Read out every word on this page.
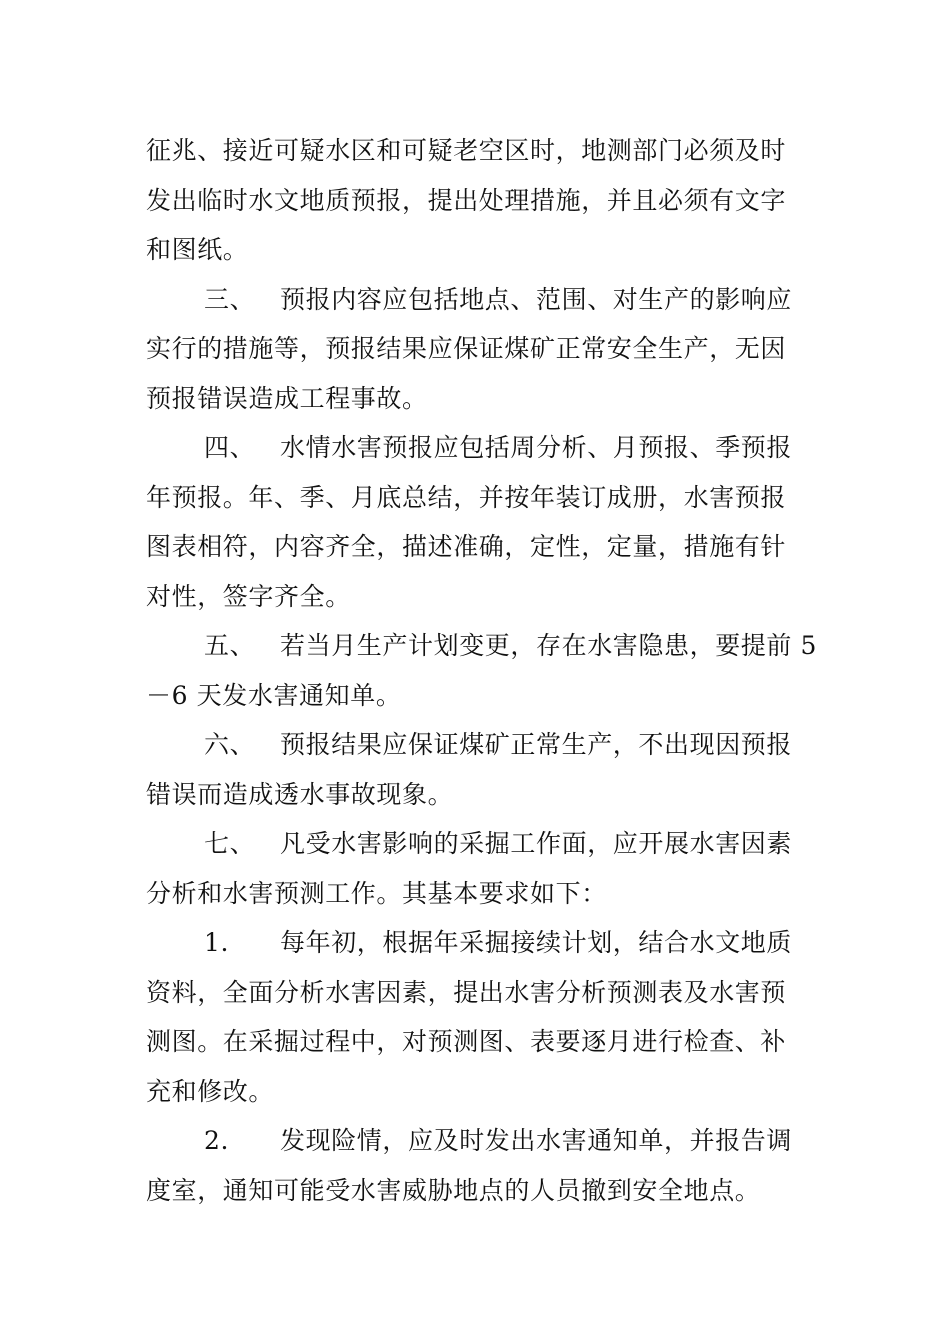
征兆、接近可疑水区和可疑老空区时，地测部门必须及时
发出临时水文地质预报，提出处理措施，并且必须有文字
和图纸。
三、 预报内容应包括地点、范围、对生产的影响应
实行的措施等，预报结果应保证煤矿正常安全生产，无因
预报错误造成工程事故。
四、 水情水害预报应包括周分析、月预报、季预报
年预报。年、季、月底总结，并按年装订成册，水害预报
图表相符，内容齐全，描述准确，定性，定量，措施有针
对性，签字齐全。
五、 若当月生产计划变更，存在水害隐患，要提前 5
－6 天发水害通知单。
六、 预报结果应保证煤矿正常生产，不出现因预报
错误而造成透水事故现象。
七、 凡受水害影响的采掘工作面，应开展水害因素
分析和水害预测工作。其基本要求如下：
1. 每年初，根据年采掘接续计划，结合水文地质
资料，全面分析水害因素，提出水害分析预测表及水害预
测图。在采掘过程中，对预测图、表要逐月进行检查、补
充和修改。
2. 发现险情，应及时发出水害通知单，并报告调
度室，通知可能受水害威胁地点的人员撤到安全地点。
